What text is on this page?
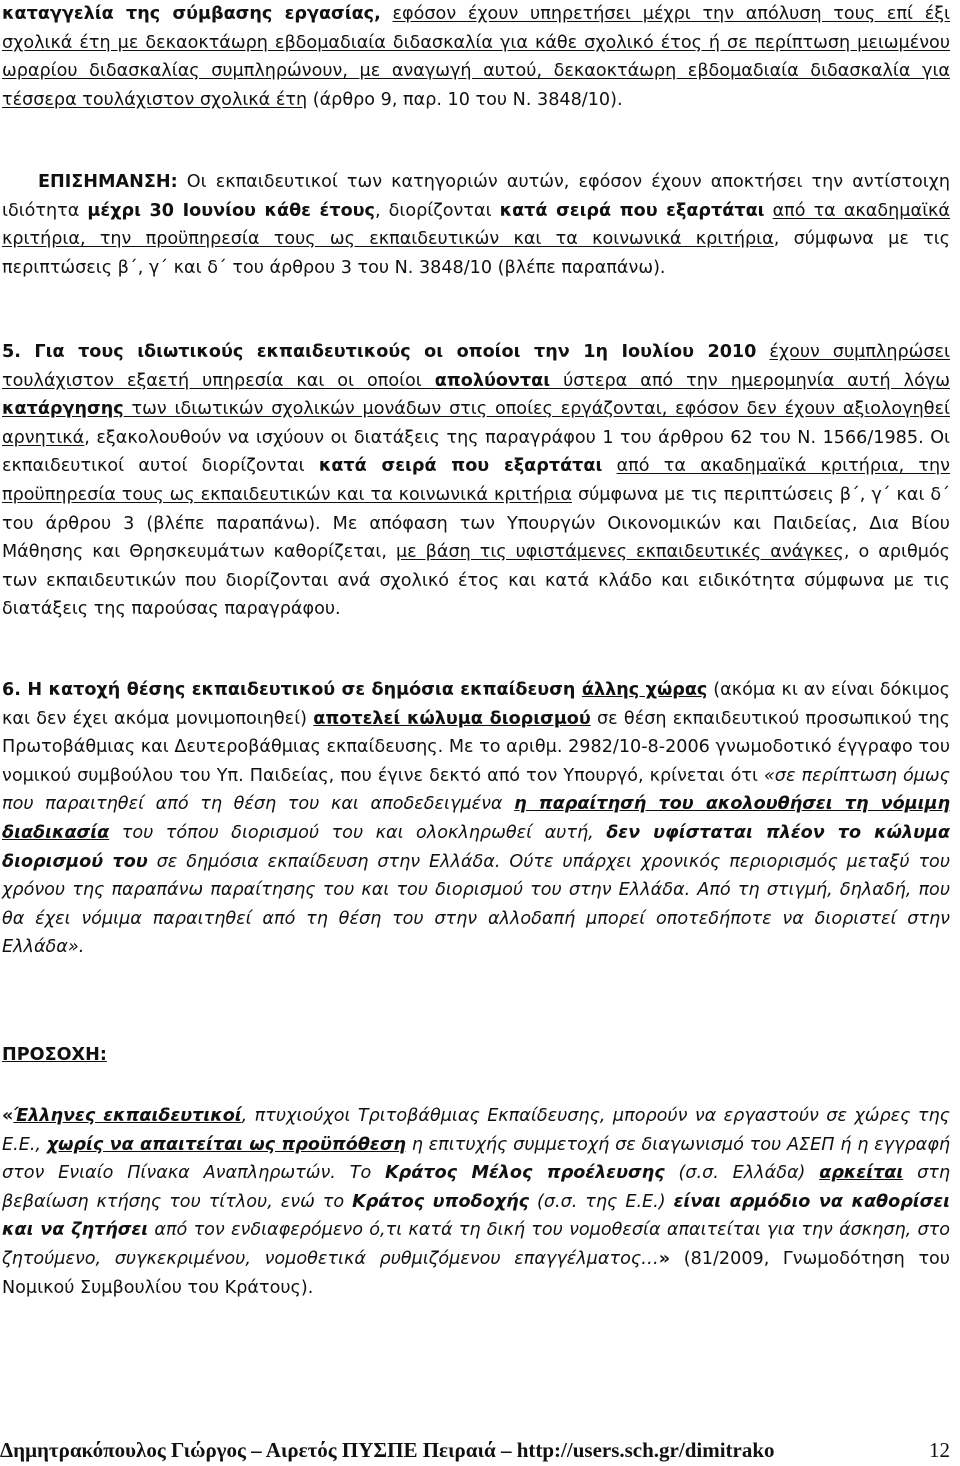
καταγγελία της σύμβασης εργασίας, εφόσον έχουν υπηρετήσει μέχρι την απόλυση τους επί έξι σχολικά έτη με δεκαοκτάωρη εβδομαδιαία διδασκαλία για κάθε σχολικό έτος ή σε περίπτωση μειωμένου ωραρίου διδασκαλίας συμπληρώνουν, με αναγωγή αυτού, δεκαοκτάωρη εβδομαδιαία διδασκαλία για τέσσερα τουλάχιστον σχολικά έτη (άρθρο 9, παρ. 10 του Ν. 3848/10).

ΕΠΙΣΗΜΑΝΣΗ: Οι εκπαιδευτικοί των κατηγοριών αυτών, εφόσον έχουν αποκτήσει την αντίστοιχη ιδιότητα μέχρι 30 Ιουνίου κάθε έτους, διορίζονται κατά σειρά που εξαρτάται από τα ακαδημαϊκά κριτήρια, την προϋπηρεσία τους ως εκπαιδευτικών και τα κοινωνικά κριτήρια, σύμφωνα με τις περιπτώσεις β΄, γ΄ και δ΄ του άρθρου 3 του Ν. 3848/10 (βλέπε παραπάνω).

5. Για τους ιδιωτικούς εκπαιδευτικούς οι οποίοι την 1η Ιουλίου 2010 έχουν συμπληρώσει τουλάχιστον εξαετή υπηρεσία και οι οποίοι απολύονται ύστερα από την ημερομηνία αυτή λόγω κατάργησης των ιδιωτικών σχολικών μονάδων στις οποίες εργάζονται, εφόσον δεν έχουν αξιολογηθεί αρνητικά, εξακολουθούν να ισχύουν οι διατάξεις της παραγράφου 1 του άρθρου 62 του Ν. 1566/1985. Οι εκπαιδευτικοί αυτοί διορίζονται κατά σειρά που εξαρτάται από τα ακαδημαϊκά κριτήρια, την προϋπηρεσία τους ως εκπαιδευτικών και τα κοινωνικά κριτήρια σύμφωνα με τις περιπτώσεις β΄, γ΄ και δ΄ του άρθρου 3 (βλέπε παραπάνω). Με απόφαση των Υπουργών Οικονομικών και Παιδείας, Δια Βίου Μάθησης και Θρησκευμάτων καθορίζεται, με βάση τις υφιστάμενες εκπαιδευτικές ανάγκες, ο αριθμός των εκπαιδευτικών που διορίζονται ανά σχολικό έτος και κατά κλάδο και ειδικότητα σύμφωνα με τις διατάξεις της παρούσας παραγράφου.

6. Η κατοχή θέσης εκπαιδευτικού σε δημόσια εκπαίδευση άλλης χώρας (ακόμα κι αν είναι δόκιμος και δεν έχει ακόμα μονιμοποιηθεί) αποτελεί κώλυμα διορισμού σε θέση εκπαιδευτικού προσωπικού της Πρωτοβάθμιας και Δευτεροβάθμιας εκπαίδευσης. Με το αριθμ. 2982/10-8-2006 γνωμοδοτικό έγγραφο του νομικού συμβούλου του Υπ. Παιδείας, που έγινε δεκτό από τον Υπουργό, κρίνεται ότι «σε περίπτωση όμως που παραιτηθεί από τη θέση του και αποδεδειγμένα η παραίτησή του ακολουθήσει τη νόμιμη διαδικασία του τόπου διορισμού του και ολοκληρωθεί αυτή, δεν υφίσταται πλέον το κώλυμα διορισμού του σε δημόσια εκπαίδευση στην Ελλάδα. Ούτε υπάρχει χρονικός περιορισμός μεταξύ του χρόνου της παραπάνω παραίτησης του και του διορισμού του στην Ελλάδα. Από τη στιγμή, δηλαδή, που θα έχει νόμιμα παραιτηθεί από τη θέση του στην αλλοδαπή μπορεί οποτεδήποτε να διοριστεί στην Ελλάδα».

ΠΡΟΣΟΧΗ:

«Έλληνες εκπαιδευτικοί, πτυχιούχοι Τριτοβάθμιας Εκπαίδευσης, μπορούν να εργαστούν σε χώρες της Ε.Ε., χωρίς να απαιτείται ως προϋπόθεση η επιτυχής συμμετοχή σε διαγωνισμό του ΑΣΕΠ ή η εγγραφή στον Ενιαίο Πίνακα Αναπληρωτών. Το Κράτος Μέλος προέλευσης (σ.σ. Ελλάδα) αρκείται στη βεβαίωση κτήσης του τίτλου, ενώ το Κράτος υποδοχής (σ.σ. της Ε.Ε.) είναι αρμόδιο να καθορίσει και να ζητήσει από τον ενδιαφερόμενο ό,τι κατά τη δική του νομοθεσία απαιτείται για την άσκηση, στο ζητούμενο, συγκεκριμένου, νομοθετικά ρυθμιζόμενου επαγγέλματος…» (81/2009, Γνωμοδότηση του Νομικού Συμβουλίου του Κράτους).

Δημητρακόπουλος Γιώργος – Αιρετός ΠΥΣΠΕ Πειραιά – http://users.sch.gr/dimitrako	12
